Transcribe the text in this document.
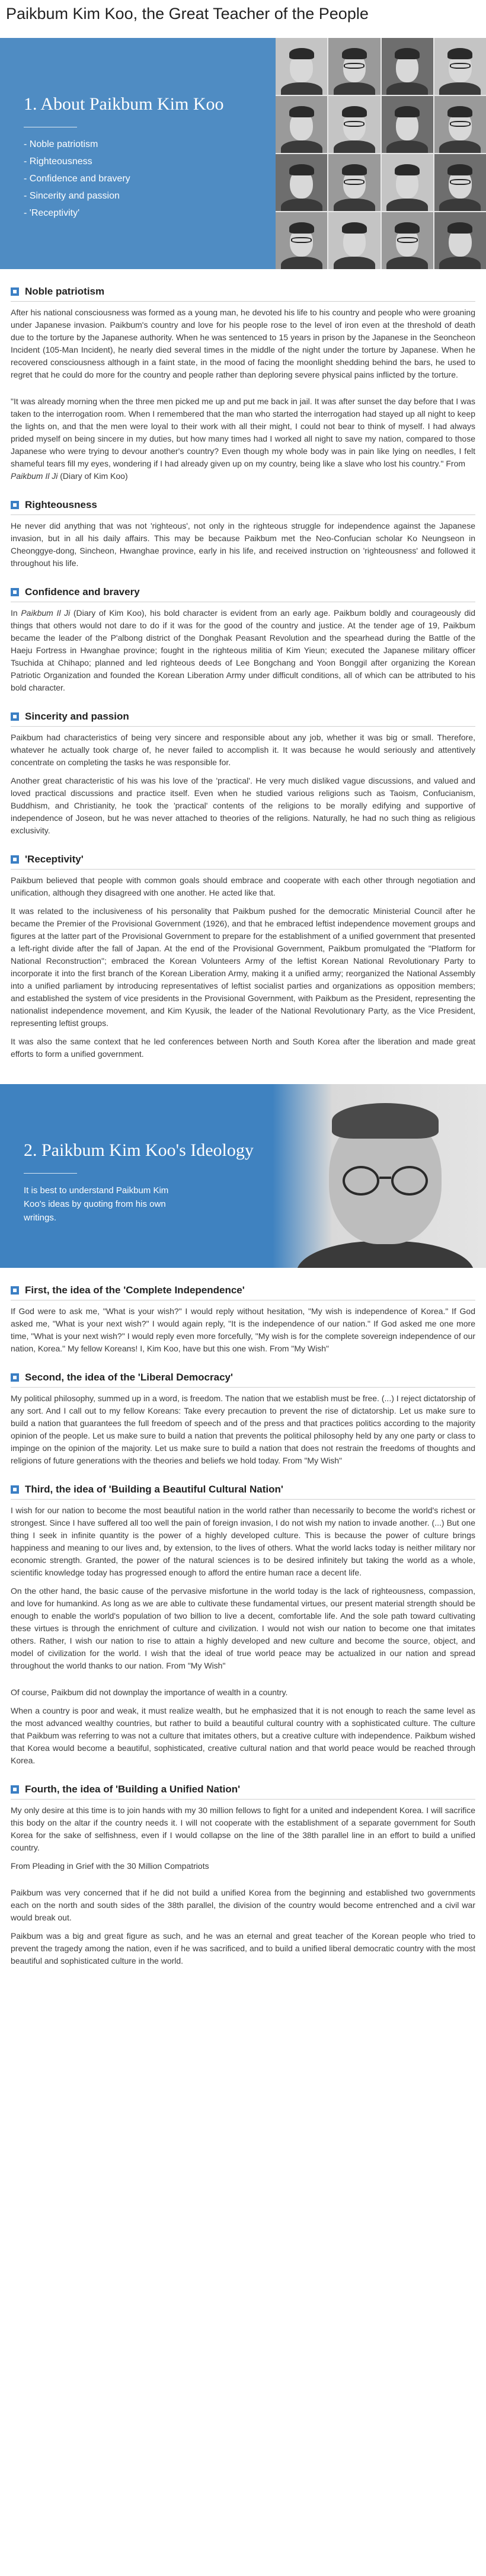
Paikbum Kim Koo, the Great Teacher of the People
1. About Paikbum Kim Koo
- Noble patriotism
- Righteousness
- Confidence and bravery
- Sincerity and passion
- 'Receptivity'
Noble patriotism

After his national consciousness was formed as a young man, he devoted his life to his country and people who were groaning under Japanese invasion. Paikbum's country and love for his people rose to the level of iron even at the threshold of death due to the torture by the Japanese authority. When he was sentenced to 15 years in prison by the Japanese in the Seoncheon Incident (105-Man Incident), he nearly died several times in the middle of the night under the torture by Japanese. When he recovered consciousness although in a faint state, in the mood of facing the moonlight shedding behind the bars, he used to regret that he could do more for the country and people rather than deploring severe physical pains inflicted by the torture.

"It was already morning when the three men picked me up and put me back in jail. It was after sunset the day before that I was taken to the interrogation room. When I remembered that the man who started the interrogation had stayed up all night to keep the lights on, and that the men were loyal to their work with all their might, I could not bear to think of myself. I had always prided myself on being sincere in my duties, but how many times had I worked all night to save my nation, compared to those Japanese who were trying to devour another's country? Even though my whole body was in pain like lying on needles, I felt shameful tears fill my eyes, wondering if I had already given up on my country, being like a slave who lost his country." From
Paikbum Il Ji (Diary of Kim Koo)

Righteousness

He never did anything that was not 'righteous', not only in the righteous struggle for independence against the Japanese invasion, but in all his daily affairs. This may be because Paikbum met the Neo-Confucian scholar Ko Neungseon in Cheonggye-dong, Sincheon, Hwanghae province, early in his life, and received instruction on 'righteousness' and followed it throughout his life.

Confidence and bravery

In Paikbum Il Ji (Diary of Kim Koo), his bold character is evident from an early age. Paikbum boldly and courageously did things that others would not dare to do if it was for the good of the country and justice. At the tender age of 19, Paikbum became the leader of the P'albong district of the Donghak Peasant Revolution and the spearhead during the Battle of the Haeju Fortress in Hwanghae province; fought in the righteous militia of Kim Yieun; executed the Japanese military officer Tsuchida at Chihapo; planned and led righteous deeds of Lee Bongchang and Yoon Bonggil after organizing the Korean Patriotic Organization and founded the Korean Liberation Army under difficult conditions, all of which can be attributed to his bold character.

Sincerity and passion

Paikbum had characteristics of being very sincere and responsible about any job, whether it was big or small. Therefore, whatever he actually took charge of, he never failed to accomplish it. It was because he would seriously and attentively concentrate on completing the tasks he was responsible for.

Another great characteristic of his was his love of the 'practical'. He very much disliked vague discussions, and valued and loved practical discussions and practice itself. Even when he studied various religions such as Taoism, Confucianism, Buddhism, and Christianity, he took the 'practical' contents of the religions to be morally edifying and supportive of independence of Joseon, but he was never attached to theories of the religions. Naturally, he had no such thing as religious exclusivity.

'Receptivity'

Paikbum believed that people with common goals should embrace and cooperate with each other through negotiation and unification, although they disagreed with one another. He acted like that.

It was related to the inclusiveness of his personality that Paikbum pushed for the democratic Ministerial Council after he became the Premier of the Provisional Government (1926), and that he embraced leftist independence movement groups and figures at the latter part of the Provisional Government to prepare for the establishment of a unified government that presented a left-right divide after the fall of Japan. At the end of the Provisional Government, Paikbum promulgated the "Platform for National Reconstruction"; embraced the Korean Volunteers Army of the leftist Korean National Revolutionary Party to incorporate it into the first branch of the Korean Liberation Army, making it a unified army; reorganized the National Assembly into a unified parliament by introducing representatives of leftist socialist parties and organizations as opposition members; and established the system of vice presidents in the Provisional Government, with Paikbum as the President, representing the nationalist independence movement, and Kim Kyusik, the leader of the National Revolutionary Party, as the Vice President, representing leftist groups.

It was also the same context that he led conferences between North and South Korea after the liberation and made great efforts to form a unified government.

2. Paikbum Kim Koo's Ideology
It is best to understand Paikbum Kim Koo's ideas by quoting from his own writings.
First, the idea of the 'Complete Independence'

If God were to ask me, "What is your wish?" I would reply without hesitation, "My wish is independence of Korea." If God asked me, "What is your next wish?" I would again reply, "It is the independence of our nation." If God asked me one more time, "What is your next wish?" I would reply even more forcefully, "My wish is for the complete sovereign independence of our nation, Korea." My fellow Koreans! I, Kim Koo, have but this one wish. From "My Wish"

Second, the idea of the 'Liberal Democracy'

My political philosophy, summed up in a word, is freedom. The nation that we establish must be free. (...) I reject dictatorship of any sort. And I call out to my fellow Koreans: Take every precaution to prevent the rise of dictatorship. Let us make sure to build a nation that guarantees the full freedom of speech and of the press and that practices politics according to the majority opinion of the people. Let us make sure to build a nation that prevents the political philosophy held by any one party or class to impinge on the opinion of the majority. Let us make sure to build a nation that does not restrain the freedoms of thoughts and religions of future generations with the theories and beliefs we hold today. From "My Wish"

Third, the idea of 'Building a Beautiful Cultural Nation'

I wish for our nation to become the most beautiful nation in the world rather than necessarily to become the world's richest or strongest. Since I have suffered all too well the pain of foreign invasion, I do not wish my nation to invade another. (...) But one thing I seek in infinite quantity is the power of a highly developed culture. This is because the power of culture brings happiness and meaning to our lives and, by extension, to the lives of others. What the world lacks today is neither military nor economic strength. Granted, the power of the natural sciences is to be desired infinitely but taking the world as a whole, scientific knowledge today has progressed enough to afford the entire human race a decent life.

On the other hand, the basic cause of the pervasive misfortune in the world today is the lack of righteousness, compassion, and love for humankind. As long as we are able to cultivate these fundamental virtues, our present material strength should be enough to enable the world's population of two billion to live a decent, comfortable life. And the sole path toward cultivating these virtues is through the enrichment of culture and civilization. I would not wish our nation to become one that imitates others. Rather, I wish our nation to rise to attain a highly developed and new culture and become the source, object, and model of civilization for the world. I wish that the ideal of true world peace may be actualized in our nation and spread throughout the world thanks to our nation. From "My Wish"

Of course, Paikbum did not downplay the importance of wealth in a country.

When a country is poor and weak, it must realize wealth, but he emphasized that it is not enough to reach the same level as the most advanced wealthy countries, but rather to build a beautiful cultural country with a sophisticated culture. The culture that Paikbum was referring to was not a culture that imitates others, but a creative culture with independence. Paikbum wished that Korea would become a beautiful, sophisticated, creative cultural nation and that world peace would be reached through Korea.

Fourth, the idea of 'Building a Unified Nation'

My only desire at this time is to join hands with my 30 million fellows to fight for a united and independent Korea. I will sacrifice this body on the altar if the country needs it. I will not cooperate with the establishment of a separate government for South Korea for the sake of selfishness, even if I would collapse on the line of the 38th parallel line in an effort to build a unified country.

From Pleading in Grief with the 30 Million Compatriots

Paikbum was very concerned that if he did not build a unified Korea from the beginning and established two governments each on the north and south sides of the 38th parallel, the division of the country would become entrenched and a civil war would break out.

Paikbum was a big and great figure as such, and he was an eternal and great teacher of the Korean people who tried to prevent the tragedy among the nation, even if he was sacrificed, and to build a unified liberal democratic country with the most beautiful and sophisticated culture in the world.
